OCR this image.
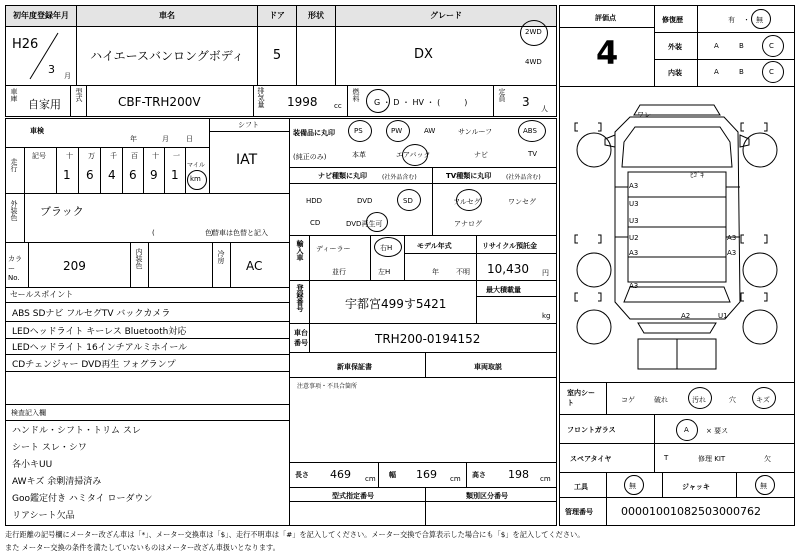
初年度登録年月	車名	ドア	形状	グレード
H26
3 月
ハイエースバンロングボディ	5	DX
2WD
4WD
車庫
自家用
型式	CBF-TRH200V	排気量 1998 cc
燃料
G ・ D ・ HV ・ (　　　)
定員 3 人
車検
年	月 日
シフト
IAT
走行
記号	十 万 千 百 十 一
1 6 4 6 9 1
マイル
km
装備品に丸印
(純正のみ)
PS	PW	AW	サンルーフ	ABS
本革	エアバック	ナビ	TV
ナビ種類に丸印	(社外品含む)	TV種類に丸印 (社外品含む)
HDD	DVD	SD
CD	DVD再生可
フルセグ	ワンセグ
アナログ
外装色 ブラック
(　　　　　　　　)
色替車は色替と記入
輸入車 ディーラー
並行
右H
左H
モデル年式
年 不明
リサイクル預託金
10,430 円
カラーNo.
209	内装色	冷房
AC
登録番号	宇都宮499す5421
最大積載量
kg
セールスポイント
ABS SDナビ フルセグTV バックカメラ
LEDヘッドライト キーレス Bluetooth対応
LEDヘッドライト 16インチアルミホイール
CDチェンジャー DVD再生 フォグランプ
車台番号	TRH200-0194152
新車保証書	車両取説
注意事項・不具合箇所
検査記入欄
ハンドル・シフト・トリム スレ
シート スレ・シワ
各小キUU
AWキズ 余剰清掃済み
Goo鑑定付き ハミタイ ローダウン
リアシート欠品
長さ 469 cm 幅 169 cm 高さ 198 cm
型式指定番号	類別区分番号
評価点
4
修復歴	有 ・ 無
外装	A	B	C
内装	A	B	C
ワレ
A3
U3
U3
U2
A3
A3
A3
A3
A2	U1
ﾋｺﾞｷ
室内シート	コゲ	破れ	汚れ	穴	キズ
フロントガラス	A × 要ス
スペアタイヤ	T	修理 KIT	欠
工具	無	ジャッキ	無
管理番号	00001001082503000762
走行距離の記号欄にメーター改ざん車は「*」、メーター交換車は「$」、走行不明車は「#」を記入してください。メーター交換で合算表示した場合にも「$」を記入してください。
また メーター交換の条件を満たしていないものはメーター改ざん車扱いとなります。
